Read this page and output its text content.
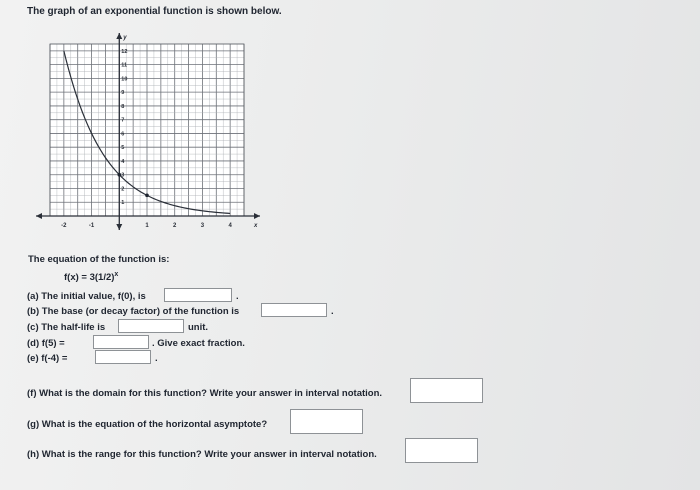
The graph of an exponential function is shown below.
-2	-1	1	2	3	4
1
2
3
4
5
6
7
8
9
10
11
12
x
y
The equation of the function is:
$f(x) = 3(1/2)^x$
(a) The initial value, f(0), is	.
(b) The base (or decay factor) of the function is	.
(c) The half-life is	unit.
(d) f(5) =	. Give exact fraction.
(e) f(-4) =	.
(f) What is the domain for this function? Write your answer in interval notation.
(g) What is the equation of the horizontal asymptote?
(h) What is the range for this function? Write your answer in interval notation.
